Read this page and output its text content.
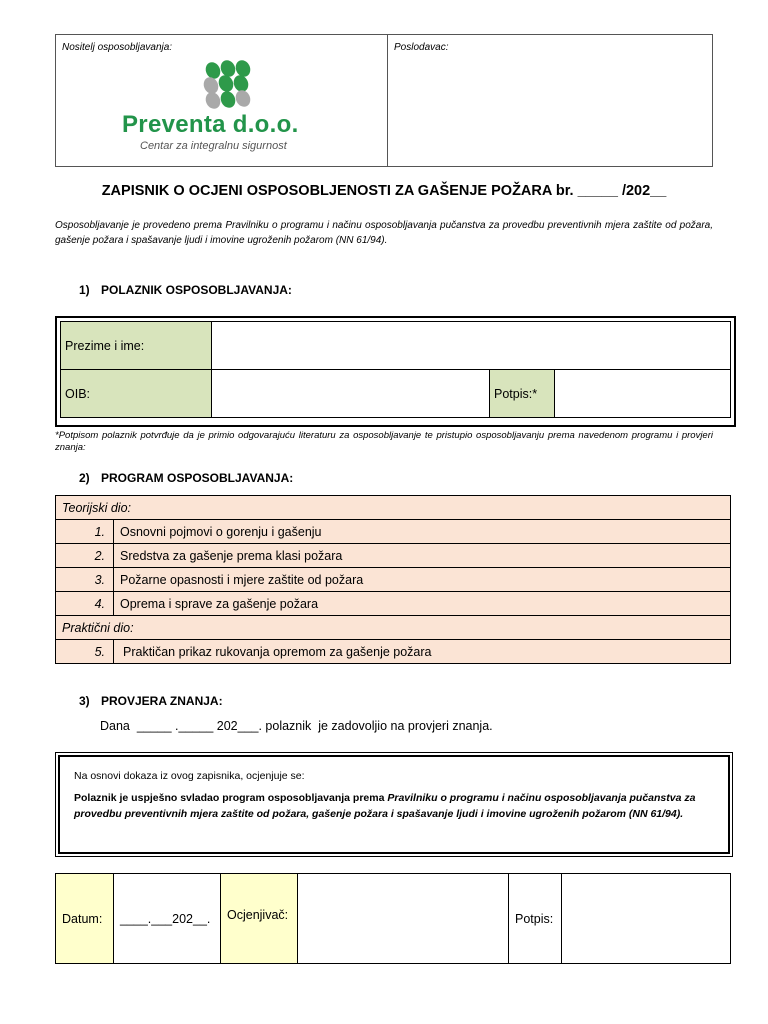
Nositelj osposobljavanja:	Poslodavac:
Preventa d.o.o.
Centar za integralnu sigurnost
ZAPISNIK O OCJENI OSPOSOBLJENOSTI ZA GAŠENJE POŽARA br. _____ /202__
Osposobljavanje je provedeno prema Pravilniku o programu i načinu osposobljavanja pučanstva za provedbu preventivnih mjera zaštite od požara, gašenje požara i spašavanje ljudi i imovine ugroženih požarom (NN 61/94).
1) POLAZNIK OSPOSOBLJAVANJA:
Prezime i ime:			
OIB:		Potpis:*	
*Potpisom polaznik potvrđuje da je primio odgovarajuću literaturu za osposobljavanje te pristupio osposobljavanju prema navedenom programu i provjeri znanja:
2) PROGRAM OSPOSOBLJAVANJA:
Teorijski dio:	
1.	Osnovni pojmovi o gorenju i gašenju
2.	Sredstva za gašenje prema klasi požara
3.	Požarne opasnosti i mjere zaštite od požara
4.	Oprema i sprave za gašenje požara
Praktični dio:	
5.	Praktičan prikaz rukovanja opremom za gašenje požara
3) PROVJERA ZNANJA:
Dana  _____ ._____ 202___. polaznik  je zadovoljio na provjeri znanja.
Na osnovi dokaza iz ovog zapisnika, ocjenjuje se:
Polaznik je uspješno svladao program osposobljavanja prema Pravilniku o programu i načinu osposobljavanja pučanstva za provedbu preventivnih mjera zaštite od požara, gašenje požara i spašavanje ljudi i imovine ugroženih požarom (NN 61/94).
Datum:	____.___202__.	Ocjenjivač:		Potpis:	
